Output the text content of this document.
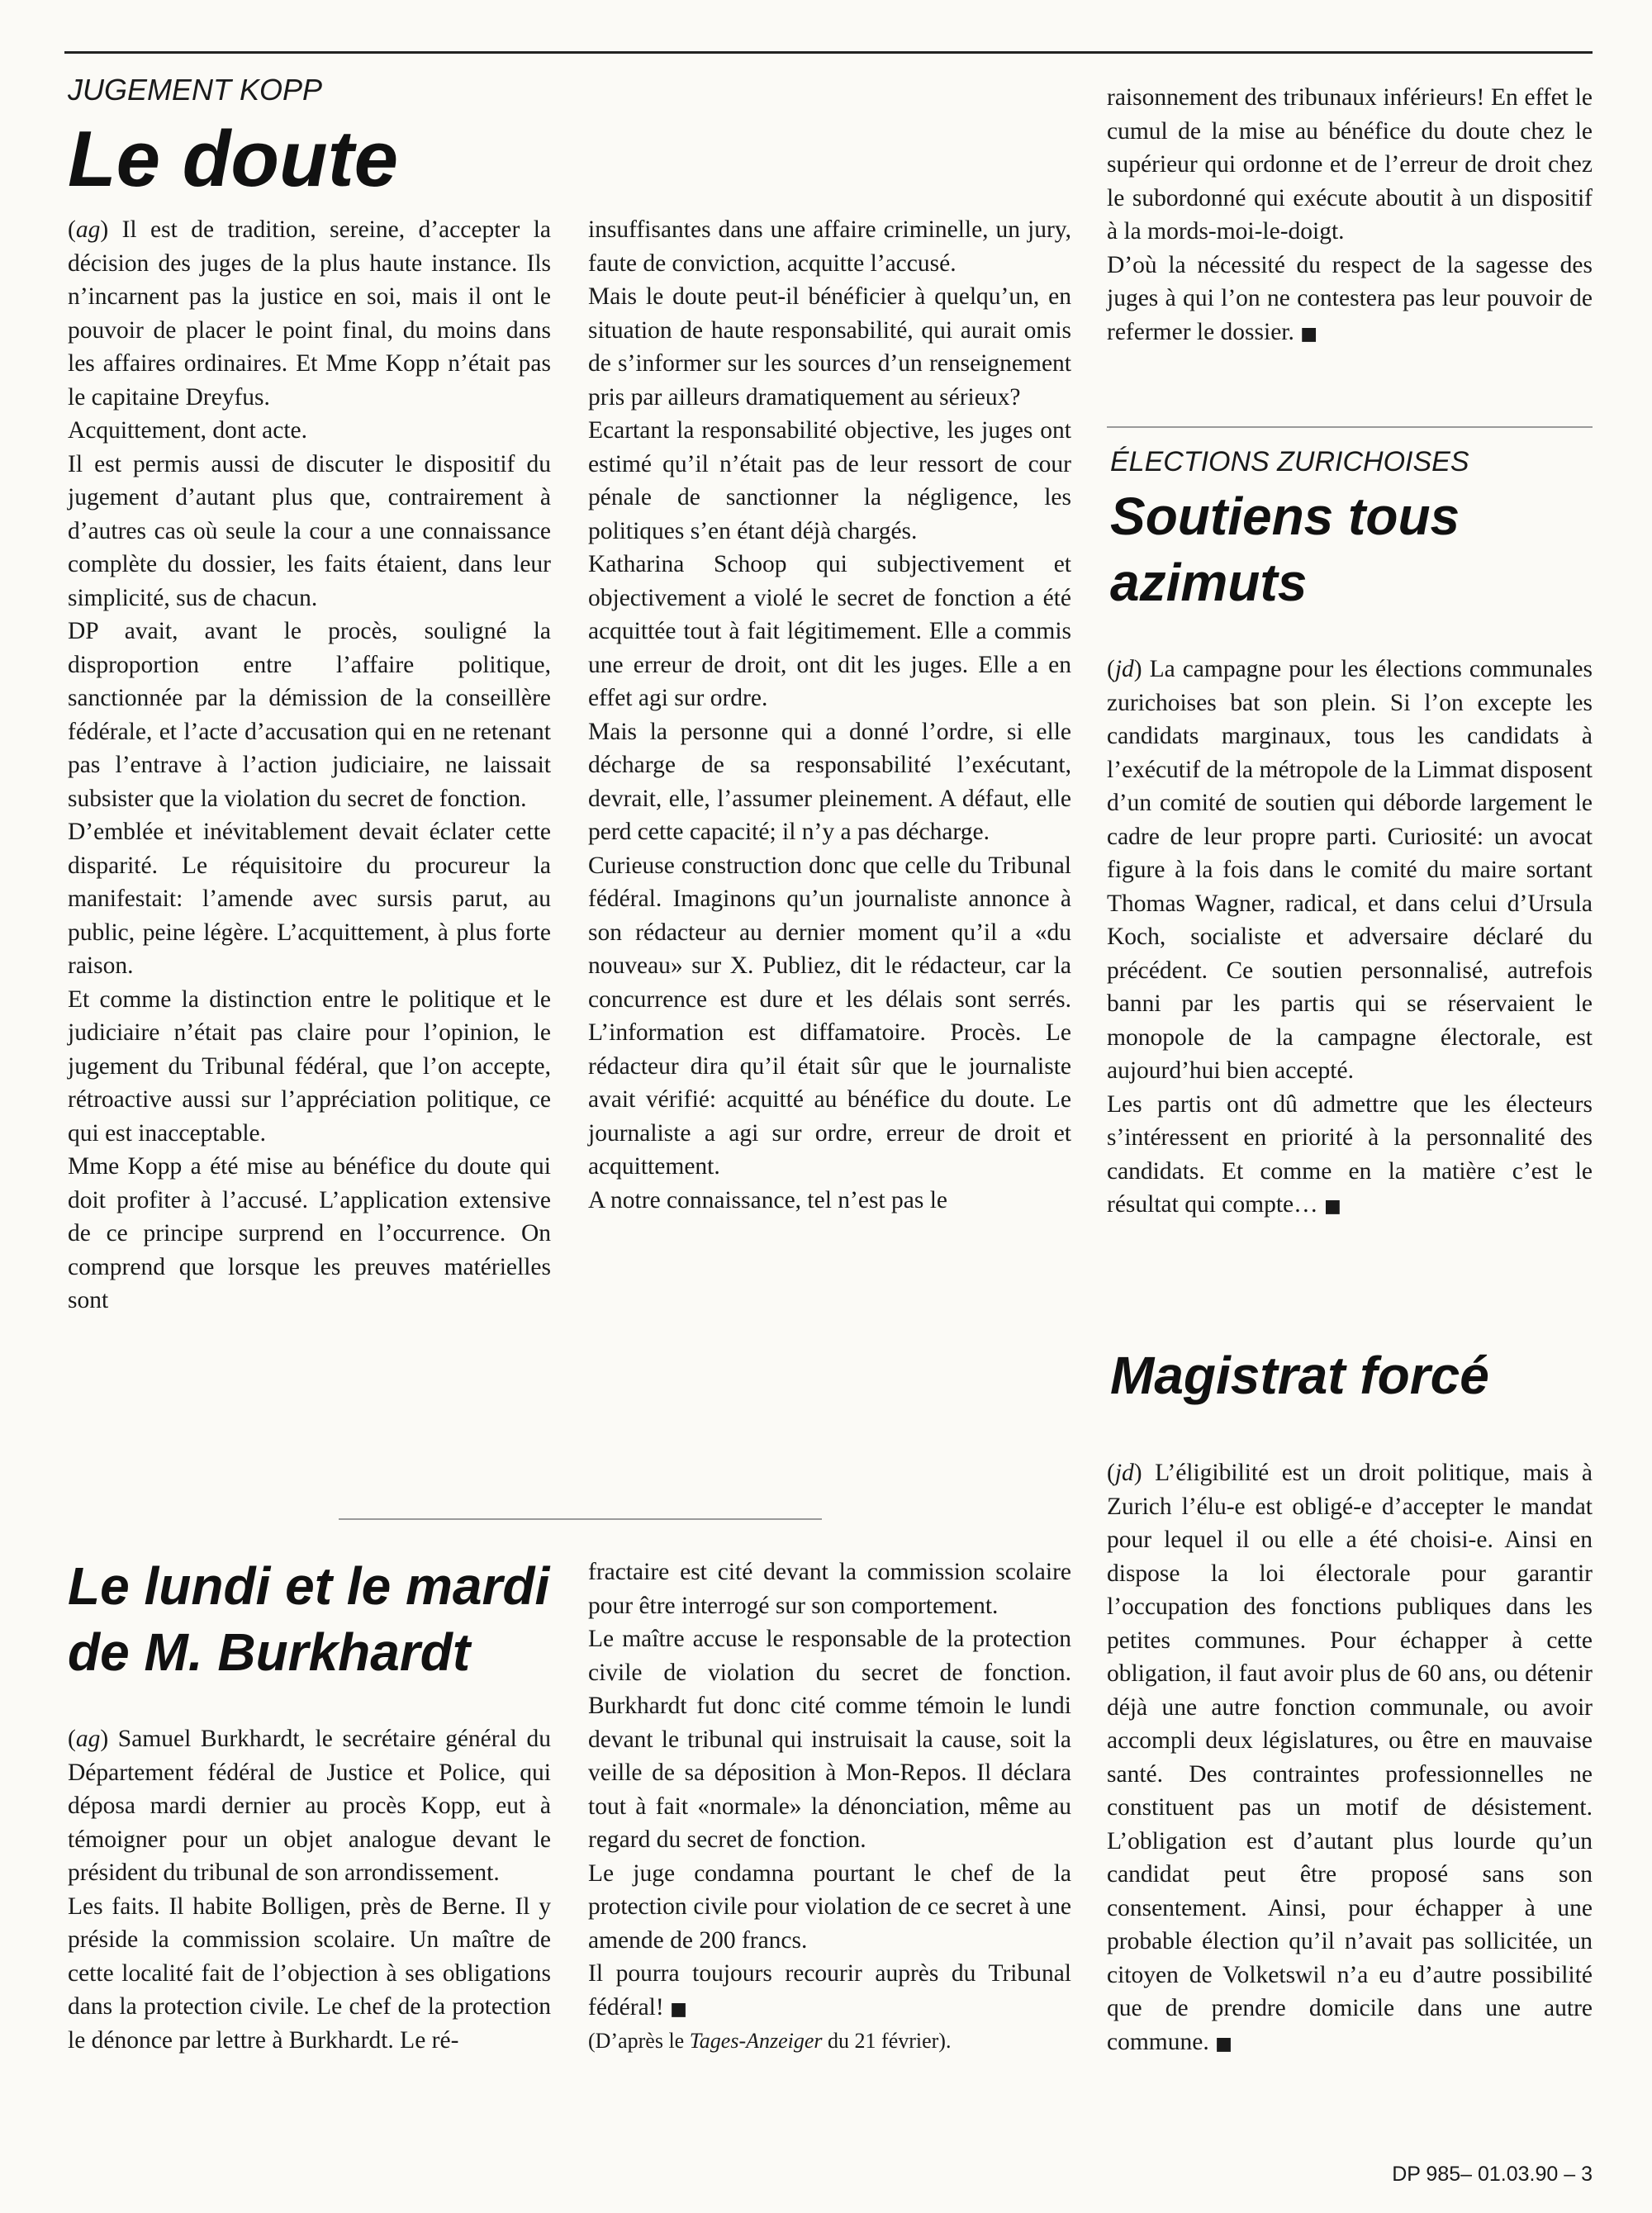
JUGEMENT KOPP
Le doute

(ag) Il est de tradition, sereine, d’accepter la décision des juges de la plus haute instance. Ils n’incarnent pas la justice en soi, mais il ont le pouvoir de placer le point final, du moins dans les affaires ordinaires. Et Mme Kopp n’était pas le capitaine Dreyfus.

Acquittement, dont acte.

Il est permis aussi de discuter le dispositif du jugement d’autant plus que, contrairement à d’autres cas où seule la cour a une connaissance complète du dossier, les faits étaient, dans leur simplicité, sus de chacun.

DP avait, avant le procès, souligné la disproportion entre l’affaire politique, sanctionnée par la démission de la conseillère fédérale, et l’acte d’accusation qui en ne retenant pas l’entrave à l’action judiciaire, ne laissait subsister que la violation du secret de fonction.

D’emblée et inévitablement devait éclater cette disparité. Le réquisitoire du procureur la manifestait: l’amende avec sursis parut, au public, peine légère. L’acquittement, à plus forte raison.

Et comme la distinction entre le politique et le judiciaire n’était pas claire pour l’opinion, le jugement du Tribunal fédéral, que l’on accepte, rétroactive aussi sur l’appréciation politique, ce qui est inacceptable.

Mme Kopp a été mise au bénéfice du doute qui doit profiter à l’accusé. L’application extensive de ce principe surprend en l’occurrence. On comprend que lorsque les preuves matérielles sont

insuffisantes dans une affaire criminelle, un jury, faute de conviction, acquitte l’accusé.

Mais le doute peut-il bénéficier à quelqu’un, en situation de haute responsabilité, qui aurait omis de s’informer sur les sources d’un renseignement pris par ailleurs dramatiquement au sérieux?

Ecartant la responsabilité objective, les juges ont estimé qu’il n’était pas de leur ressort de cour pénale de sanctionner la négligence, les politiques s’en étant déjà chargés.

Katharina Schoop qui subjectivement et objectivement a violé le secret de fonction a été acquittée tout à fait légitimement. Elle a commis une erreur de droit, ont dit les juges. Elle a en effet agi sur ordre.

Mais la personne qui a donné l’ordre, si elle décharge de sa responsabilité l’exécutant, devrait, elle, l’assumer pleinement. A défaut, elle perd cette capacité; il n’y a pas décharge.

Curieuse construction donc que celle du Tribunal fédéral. Imaginons qu’un journaliste annonce à son rédacteur au dernier moment qu’il a «du nouveau» sur X. Publiez, dit le rédacteur, car la concurrence est dure et les délais sont serrés. L’information est diffamatoire. Procès. Le rédacteur dira qu’il était sûr que le journaliste avait vérifié: acquitté au bénéfice du doute. Le journaliste a agi sur ordre, erreur de droit et acquittement.

A notre connaissance, tel n’est pas le

raisonnement des tribunaux inférieurs! En effet le cumul de la mise au bénéfice du doute chez le supérieur qui ordonne et de l’erreur de droit chez le subordonné qui exécute aboutit à un dispositif à la mords-moi-le-doigt.

D’où la nécessité du respect de la sagesse des juges à qui l’on ne contestera pas leur pouvoir de refermer le dossier. ■

ÉLECTIONS ZURICHOISES
Soutiens tous
azimuts

(jd) La campagne pour les élections communales zurichoises bat son plein. Si l’on excepte les candidats marginaux, tous les candidats à l’exécutif de la métropole de la Limmat disposent d’un comité de soutien qui déborde largement le cadre de leur propre parti. Curiosité: un avocat figure à la fois dans le comité du maire sortant Thomas Wagner, radical, et dans celui d’Ursula Koch, socialiste et adversaire déclaré du précédent. Ce soutien personnalisé, autrefois banni par les partis qui se réservaient le monopole de la campagne électorale, est aujourd’hui bien accepté.

Les partis ont dû admettre que les électeurs s’intéressent en priorité à la personnalité des candidats. Et comme en la matière c’est le résultat qui compte… ■

Magistrat forcé

(jd) L’éligibilité est un droit politique, mais à Zurich l’élu-e est obligé-e d’accepter le mandat pour lequel il ou elle a été choisi-e. Ainsi en dispose la loi électorale pour garantir l’occupation des fonctions publiques dans les petites communes. Pour échapper à cette obligation, il faut avoir plus de 60 ans, ou détenir déjà une autre fonction communale, ou avoir accompli deux législatures, ou être en mauvaise santé. Des contraintes professionnelles ne constituent pas un motif de désistement. L’obligation est d’autant plus lourde qu’un candidat peut être proposé sans son consentement. Ainsi, pour échapper à une probable élection qu’il n’avait pas sollicitée, un citoyen de Volketswil n’a eu d’autre possibilité que de prendre domicile dans une autre commune. ■

Le lundi et le mardi
de M. Burkhardt

(ag) Samuel Burkhardt, le secrétaire général du Département fédéral de Justice et Police, qui déposa mardi dernier au procès Kopp, eut à témoigner pour un objet analogue devant le président du tribunal de son arrondissement.

Les faits. Il habite Bolligen, près de Berne. Il y préside la commission scolaire. Un maître de cette localité fait de l’objection à ses obligations dans la protection civile. Le chef de la protection le dénonce par lettre à Burkhardt. Le ré-

fractaire est cité devant la commission scolaire pour être interrogé sur son comportement.

Le maître accuse le responsable de la protection civile de violation du secret de fonction. Burkhardt fut donc cité comme témoin le lundi devant le tribunal qui instruisait la cause, soit la veille de sa déposition à Mon-Repos. Il déclara tout à fait «normale» la dénonciation, même au regard du secret de fonction.

Le juge condamna pourtant le chef de la protection civile pour violation de ce secret à une amende de 200 francs.

Il pourra toujours recourir auprès du Tribunal fédéral! ■

(D’après le Tages-Anzeiger du 21 février).

DP 985– 01.03.90 – 3
